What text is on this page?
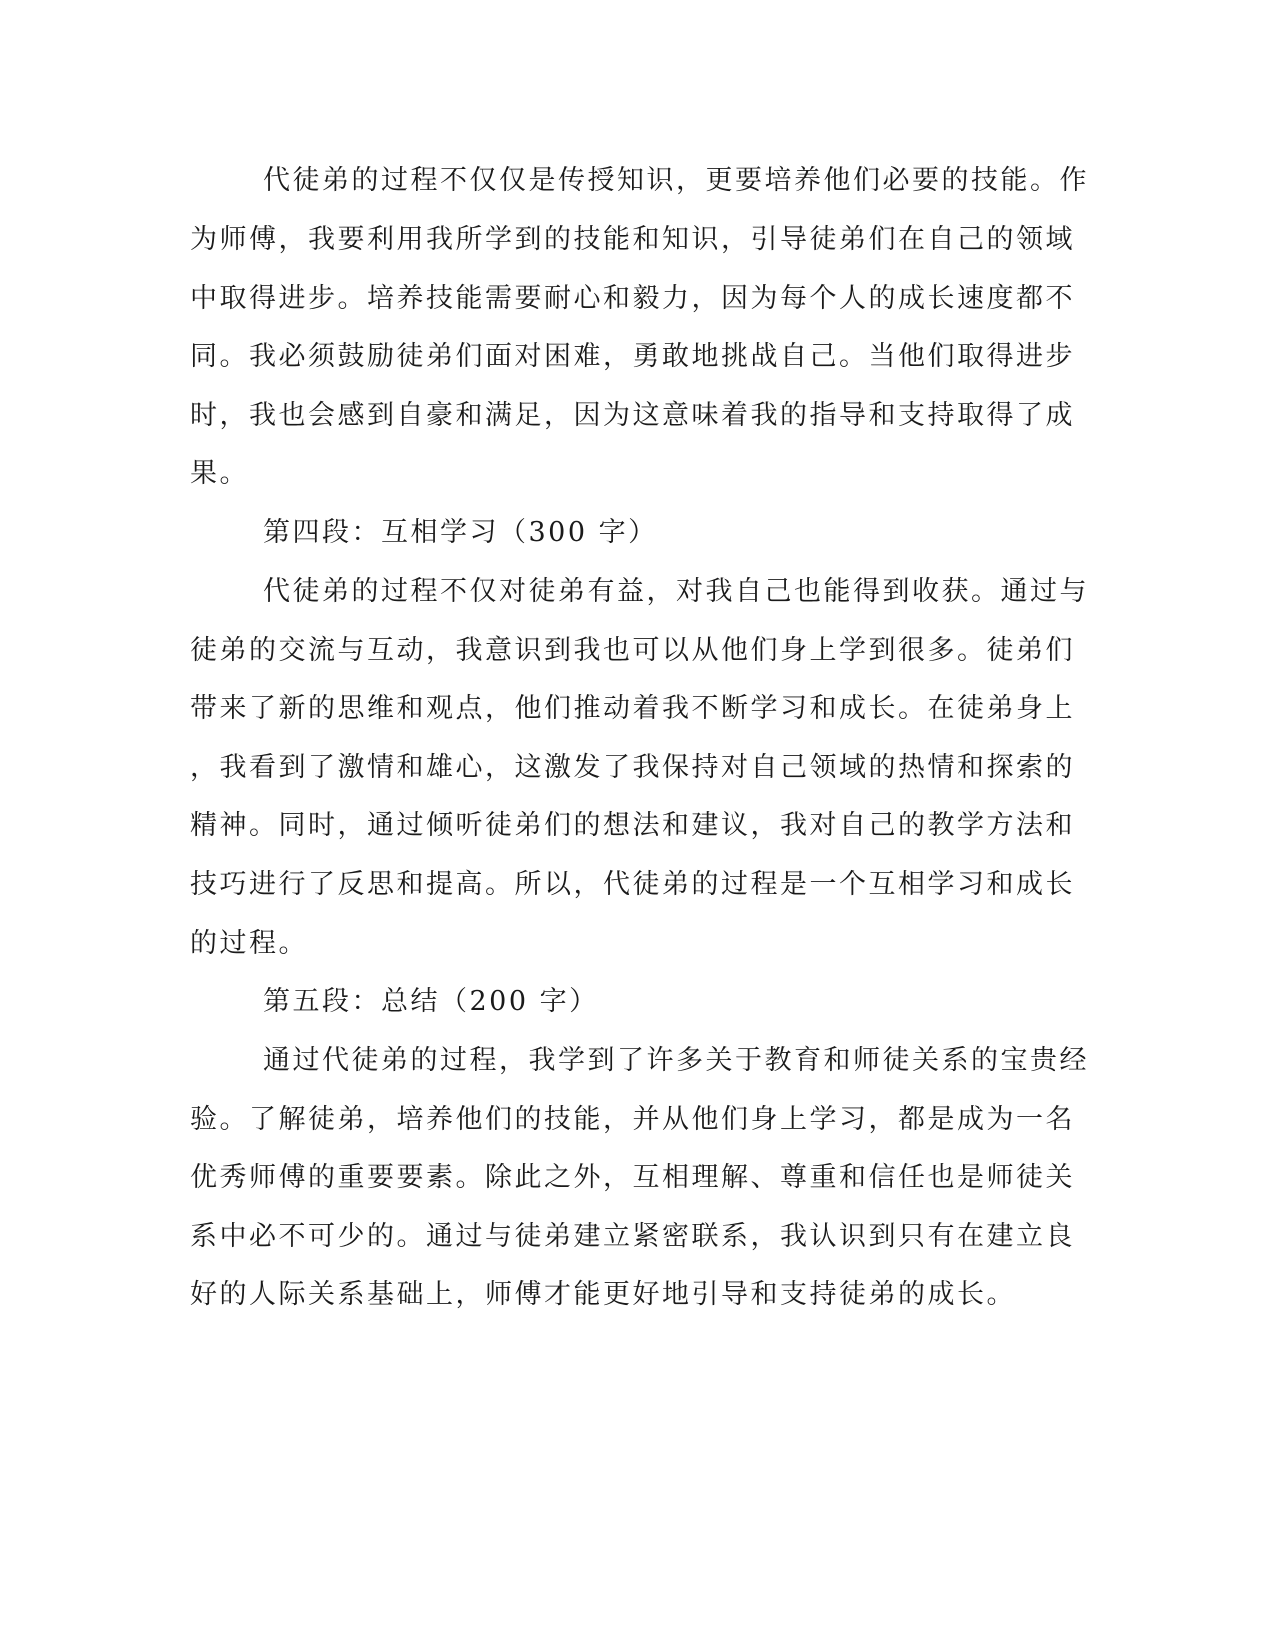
代徒弟的过程不仅仅是传授知识，更要培养他们必要的技能。作
为师傅，我要利用我所学到的技能和知识，引导徒弟们在自己的领域
中取得进步。培养技能需要耐心和毅力，因为每个人的成长速度都不
同。我必须鼓励徒弟们面对困难，勇敢地挑战自己。当他们取得进步
时，我也会感到自豪和满足，因为这意味着我的指导和支持取得了成
果。
第四段：互相学习（300 字）
代徒弟的过程不仅对徒弟有益，对我自己也能得到收获。通过与
徒弟的交流与互动，我意识到我也可以从他们身上学到很多。徒弟们
带来了新的思维和观点，他们推动着我不断学习和成长。在徒弟身上
，我看到了激情和雄心，这激发了我保持对自己领域的热情和探索的
精神。同时，通过倾听徒弟们的想法和建议，我对自己的教学方法和
技巧进行了反思和提高。所以，代徒弟的过程是一个互相学习和成长
的过程。
第五段：总结（200 字）
通过代徒弟的过程，我学到了许多关于教育和师徒关系的宝贵经
验。了解徒弟，培养他们的技能，并从他们身上学习，都是成为一名
优秀师傅的重要要素。除此之外，互相理解、尊重和信任也是师徒关
系中必不可少的。通过与徒弟建立紧密联系，我认识到只有在建立良
好的人际关系基础上，师傅才能更好地引导和支持徒弟的成长。
